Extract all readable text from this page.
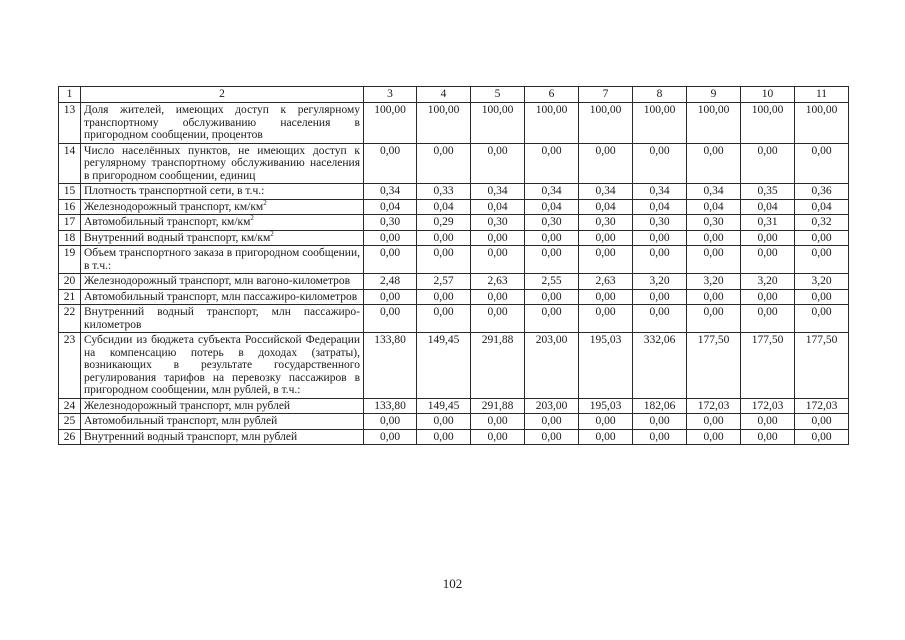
1	2	3	4	5	6	7	8	9	10	11
13	Доля жителей, имеющих доступ к регулярному транспортному обслуживанию населения в пригородном сообщении, процентов	100,00	100,00	100,00	100,00	100,00	100,00	100,00	100,00	100,00
14	Число населённых пунктов, не имеющих доступ к регулярному транспортному обслуживанию населения в пригородном сообщении, единиц	0,00	0,00	0,00	0,00	0,00	0,00	0,00	0,00	0,00
15	Плотность транспортной сети, в т.ч.:	0,34	0,33	0,34	0,34	0,34	0,34	0,34	0,35	0,36
16	Железнодорожный транспорт, $км/км^2$	0,04	0,04	0,04	0,04	0,04	0,04	0,04	0,04	0,04
17	Автомобильный транспорт, $км/км^2$	0,30	0,29	0,30	0,30	0,30	0,30	0,30	0,31	0,32
18	Внутренний водный транспорт, $км/км^2$	0,00	0,00	0,00	0,00	0,00	0,00	0,00	0,00	0,00
19	Объем транспортного заказа в пригородном сообщении, в т.ч.:	0,00	0,00	0,00	0,00	0,00	0,00	0,00	0,00	0,00
20	Железнодорожный транспорт, млн вагоно-километров	2,48	2,57	2,63	2,55	2,63	3,20	3,20	3,20	3,20
21	Автомобильный транспорт, млн пассажиро-километров	0,00	0,00	0,00	0,00	0,00	0,00	0,00	0,00	0,00
22	Внутренний водный транспорт, млн пассажиро-километров	0,00	0,00	0,00	0,00	0,00	0,00	0,00	0,00	0,00
23	Субсидии из бюджета субъекта Российской Федерации на компенсацию потерь в доходах (затраты), возникающих в результате государственного регулирования тарифов на перевозку пассажиров в пригородном сообщении, млн рублей, в т.ч.:	133,80	149,45	291,88	203,00	195,03	332,06	177,50	177,50	177,50
24	Железнодорожный транспорт, млн рублей	133,80	149,45	291,88	203,00	195,03	182,06	172,03	172,03	172,03
25	Автомобильный транспорт, млн рублей	0,00	0,00	0,00	0,00	0,00	0,00	0,00	0,00	0,00
26	Внутренний водный транспорт, млн рублей	0,00	0,00	0,00	0,00	0,00	0,00	0,00	0,00	0,00
102
